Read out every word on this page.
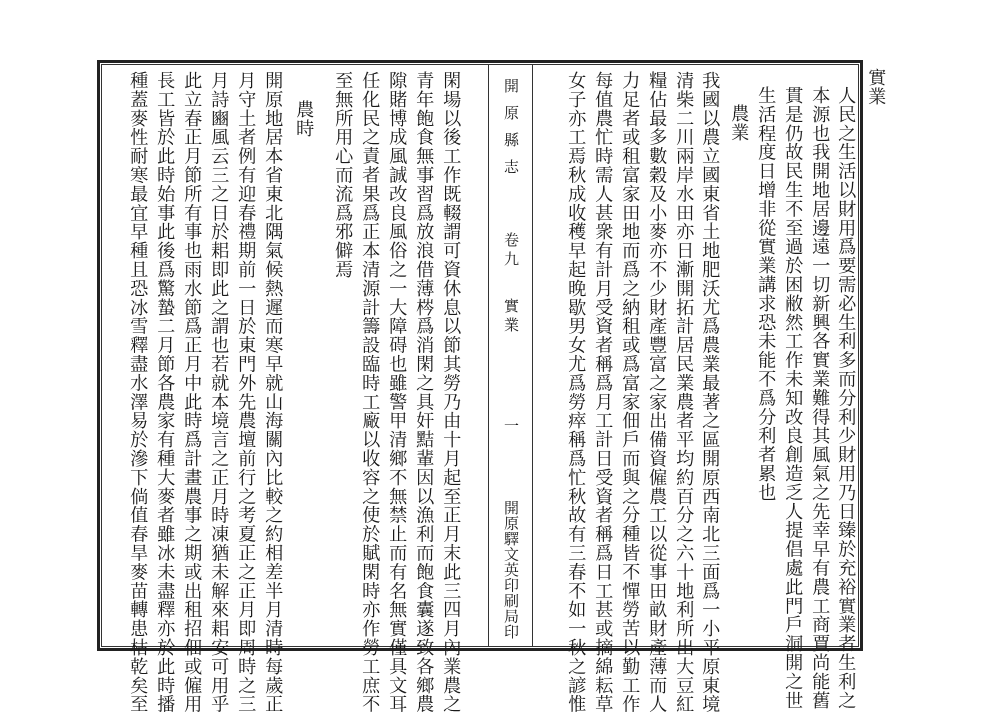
實業
人民之生活以財用爲要需必生利多而分利少財用乃日臻於充裕實業者生利之
本源也我開地居邊遠一切新興各實業難得其風氣之先幸早有農工商賈尚能舊
貫是仍故民生不至過於困敝然工作未知改良創造乏人提倡處此門戶洞開之世
生活程度日增非從實業講求恐未能不爲分利者累也
農業
我國以農立國東省土地肥沃尤爲農業最著之區開原西南北三面爲一小平原東境
清柴二川兩岸水田亦日漸開拓計居民業農者平均約百分之六十地利所出大豆紅
糧佔最多數穀及小麥亦不少財產豐富之家出備資僱農工以從事田畝財產薄而人
力足者或租富家田地而爲之納租或爲富家佃戶而與之分種皆不憚勞苦以勤工作
每值農忙時需人甚衆有計月受資者稱爲月工計日受資者稱爲日工甚或摘綿耘草
女子亦工焉秋成收穫早起晚歇男女尤爲勞瘁稱爲忙秋故有三春不如一秋之諺惟
開原縣志
卷九
實業
一
開原驛文英印刷局印
閑場以後工作既輟謂可資休息以節其勞乃由十月起至正月末此三四月內業農之
青年飽食無事習爲放浪借薄梣爲消閑之具奸黠輩因以漁利而飽食囊遂致各鄉農
隙賭博成風誠改良風俗之一大障碍也雖警甲清鄉不無禁止而有名無實僅具文耳
任化民之責者果爲正本清源計籌設臨時工廠以收容之使於賦閑時亦作勞工庶不
至無所用心而流爲邪僻焉
農時
開原地居本省東北隅氣候熱遲而寒早就山海關內比較之約相差半月清時每歲正
月守土者例有迎春禮期前一日於東門外先農壇前行之考夏正之正月即周時之三
月詩豳風云三之日於耜即此之謂也若就本境言之正月時凍猶未解來耜安可用乎
此立春正月節所有事也雨水節爲正月中此時爲計畫農事之期或出租招佃或僱用
長工皆於此時始事此後爲驚蟄二月節各農家有種大麥者雖冰未盡釋亦於此時播
種蓋麥性耐寒最宜早種且恐冰雪釋盡水澤易於滲下倘值春旱麥苗轉患枯乾矣至
